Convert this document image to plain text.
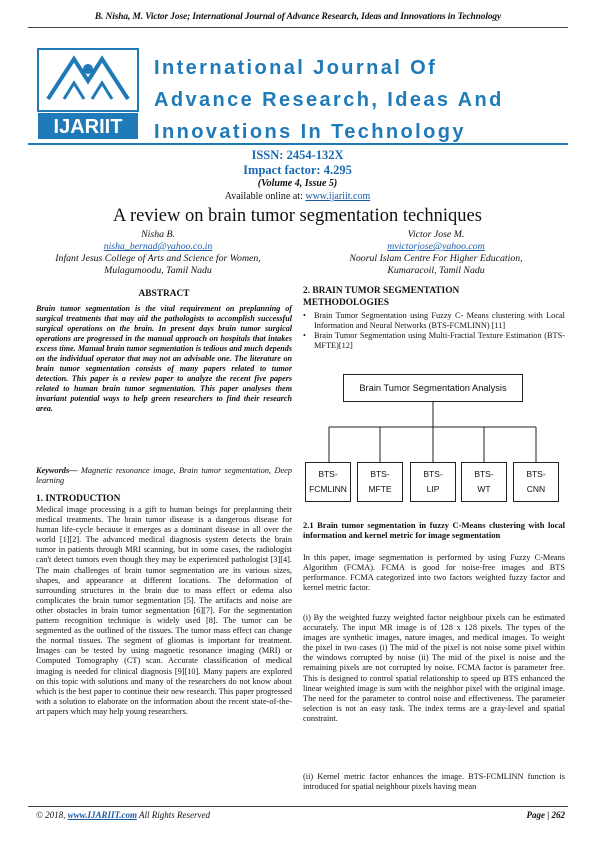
B. Nisha, M. Victor Jose; International Journal of Advance Research, Ideas and Innovations in Technology
IJARIIT
International Journal Of
Advance Research, Ideas And
Innovations In Technology
ISSN: 2454-132X
Impact factor: 4.295
(Volume 4, Issue 5)
Available online at: www.ijariit.com
A review on brain tumor segmentation techniques
Nisha B.
nisha_bernad@yahoo.co.in
Infant Jesus College of Arts and Science for Women,
Mulagumoodu, Tamil Nadu
Victor Jose M.
mvictorjose@yahoo.com
Noorul Islam Centre For Higher Education,
Kumaracoil, Tamil Nadu
ABSTRACT
Brain tumor segmentation is the vital requirement on preplanning of surgical treatments that may aid the pathologists to accomplish successful surgical operations on the brain. In present days brain tumor surgical operations are progressed in the manual approach on hospitals that intakes excess time. Manual brain tumor segmentation is tedious and much depends on the individual operator that may not an advisable one. The literature on brain tumor segmentation consists of many papers related to tumor detection. This paper is a review paper to analyze the recent five papers related to human brain tumor segmentation. This paper analyses them invariant potential ways to help green researchers to find their research area.
Keywords— Magnetic resonance image, Brain tumor segmentation, Deep learning
1. INTRODUCTION
Medical image processing is a gift to human beings for preplanning their medical treatments. The brain tumor disease is a dangerous disease for human life-cycle because it emerges as a dominant disease in all over the world [1][2]. The advanced medical diagnosis system detects the brain tumor in patients through MRI scanning, but in some cases, the radiologist can't detect tumors even though they may be experienced pathologist [3][4]. The main challenges of brain tumor segmentation are its various sizes, shapes, and appearance at different locations. The deformation of surrounding structures in the brain due to mass effect or edema also complicates the brain tumor segmentation [5]. The artifacts and noise are other obstacles in brain tumor segmentation [6][7]. For the segmentation pattern recognition technique is widely used [8]. The tumor can be segmented as the outlined of the tissues. The tumor mass effect can change the normal tissues. The segment of gliomas is important for treatment. Images can be tested by using magnetic resonance imaging (MRI) or Computed Tomography (CT) scan. Accurate classification of medical imaging is needed for clinical diagnosis [9][10]. Many papers are explored on this topic with solutions and many of the researchers do not know about which is the best paper to continue their new research. This paper progressed with a solution to elaborate on the information about the recent state-of-the-art papers which may help young researchers.
2. BRAIN TUMOR SEGMENTATION
METHODOLOGIES
• Brain Tumor Segmentation using Fuzzy C- Means clustering with Local Information and Neural Networks (BTS-FCMLINN) [11]
• Brain Tumor Segmentation using Multi-Fractial Texture Estimation (BTS-MFTE)[12]
Brain Tumor Segmentation Analysis
BTS-
FCMLINN
BTS-
MFTE
BTS-
LIP
BTS-
WT
BTS-
CNN
2.1 Brain tumor segmentation in fuzzy C-Means clustering with local information and kernel metric for image segmentation
In this paper, image segmentation is performed by using Fuzzy C-Means Algorithm (FCMA). FCMA is good for noise-free images and BTS performance. FCMA categorized into two factors weighted fuzzy factor and kernel metric factor.
(i) By the weighted fuzzy weighted factor neighbour pixels can be estimated accurately. The input MR image is of 128 x 128 pixels. The types of the images are synthetic images, nature images, and medical images. To weight the pixel in two cases (i) The mid of the pixel is not noise some pixel within the windows corrupted by noise (ii) The mid of the pixel is noise and the remaining pixels are not corrupted by noise. FCMA factor is parameter free. This is designed to control spatial relationship to speed up BTS enhanced the linear weighted image is sum with the neighbor pixel with the original image. The need for the parameter to control noise and effectiveness. The parameter selection is not an easy task. The index terms are a gray-level and spatial constraint.
(ii) Kernel metric factor enhances the image. BTS-FCMLINN function is introduced for spatial neighbour pixels having mean
© 2018, www.IJARIIT.com All Rights Reserved	Page | 262
